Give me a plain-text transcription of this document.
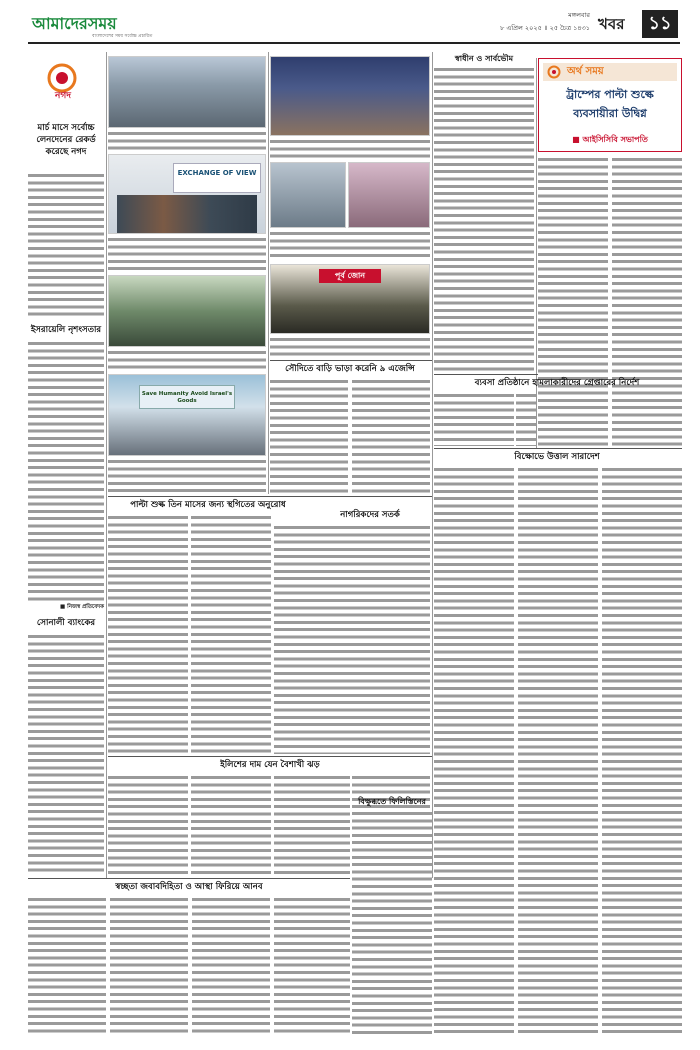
আমাদেরসময়
বাংলাদেশের সময় সর্বোচ্চ প্রচারিত
মঙ্গলবার
৮ এপ্রিল ২০২৫ ॥ ২৫ চৈত্র ১৪৩১ খবর	১১
নগদ
মার্চ মাসে সর্বোচ্চ লেনদেনের রেকর্ড করেছে নগদ
ইসরায়েলি নৃশংসতার
■ নিজস্ব প্রতিবেদক
সোনালী ব্যাংকের
EXCHANGE OF VIEW
Save Humanity Avoid Israel's Goods
পূর্ব জোন
সৌদিতে বাড়ি ভাড়া করেনি ৯ এজেন্সি
স্বাধীন ও সার্বভৌম
অর্থ সময়
ট্রাম্পের পাল্টা শুল্কে ব্যবসায়ীরা উদ্বিগ্ন
■ আইসিসিবি সভাপতি
ব্যবসা প্রতিষ্ঠানে হামলাকারীদের গ্রেপ্তারের নির্দেশ
পাল্টা শুল্ক তিন মাসের জন্য স্থগিতের অনুরোধ
নাগরিকদের সতর্ক
বিক্ষোভে উত্তাল সারাদেশ
ইলিশের দাম যেন বৈশাখী ঝড়
বিক্ষুব্ধতে ফিলিস্তিনের
স্বচ্ছতা জবাবদিহিতা ও আস্থা ফিরিয়ে আনব
